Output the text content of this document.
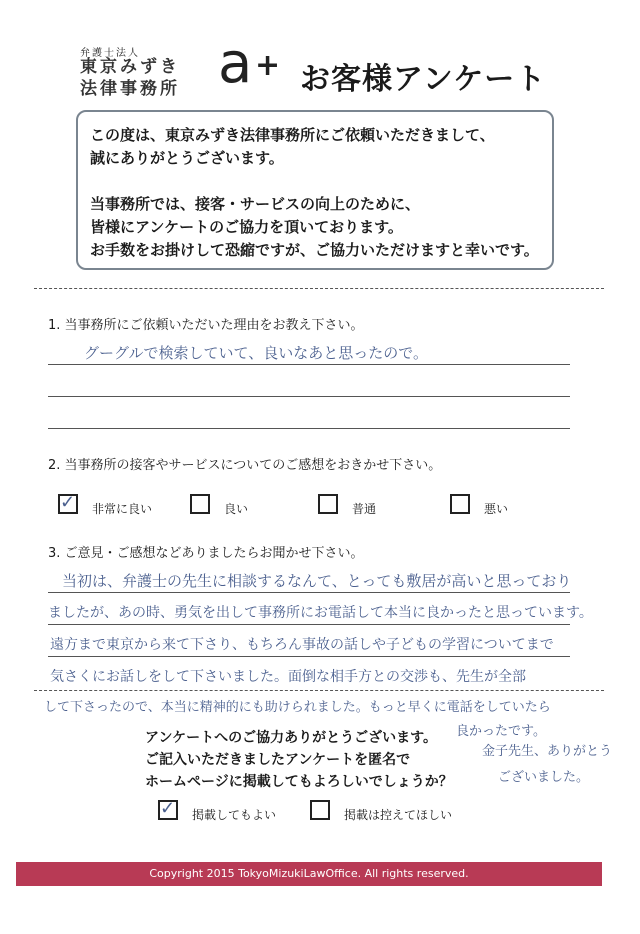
弁護士法人
東京みずき
法律事務所 a + お客様アンケート
この度は、東京みずき法律事務所にご依頼いただきまして、
誠にありがとうございます。
当事務所では、接客・サービスの向上のために、
皆様にアンケートのご協力を頂いております。
お手数をお掛けして恐縮ですが、ご協力いただけますと幸いです。
1. 当事務所にご依頼いただいた理由をお教え下さい。
グーグルで検索していて、良いなあと思ったので。
2. 当事務所の接客やサービスについてのご感想をおきかせ下さい。
✓ 非常に良い	良い	普通	悪い
3. ご意見・ご感想などありましたらお聞かせ下さい。
当初は、弁護士の先生に相談するなんて、とっても敷居が高いと思っており
ましたが、あの時、勇気を出して事務所にお電話して本当に良かったと思っています。
遠方まで東京から来て下さり、もちろん事故の話しや子どもの学習についてまで
気さくにお話しをして下さいました。面倒な相手方との交渉も、先生が全部
して下さったので、本当に精神的にも助けられました。もっと早くに電話をしていたら
良かったです。
金子先生、ありがとう
ございました。
アンケートへのご協力ありがとうございます。
ご記入いただきましたアンケートを匿名で
ホームページに掲載してもよろしいでしょうか？
✓ 掲載してもよい	掲載は控えてほしい
Copyright 2015 TokyoMizukiLawOffice. All rights reserved.
